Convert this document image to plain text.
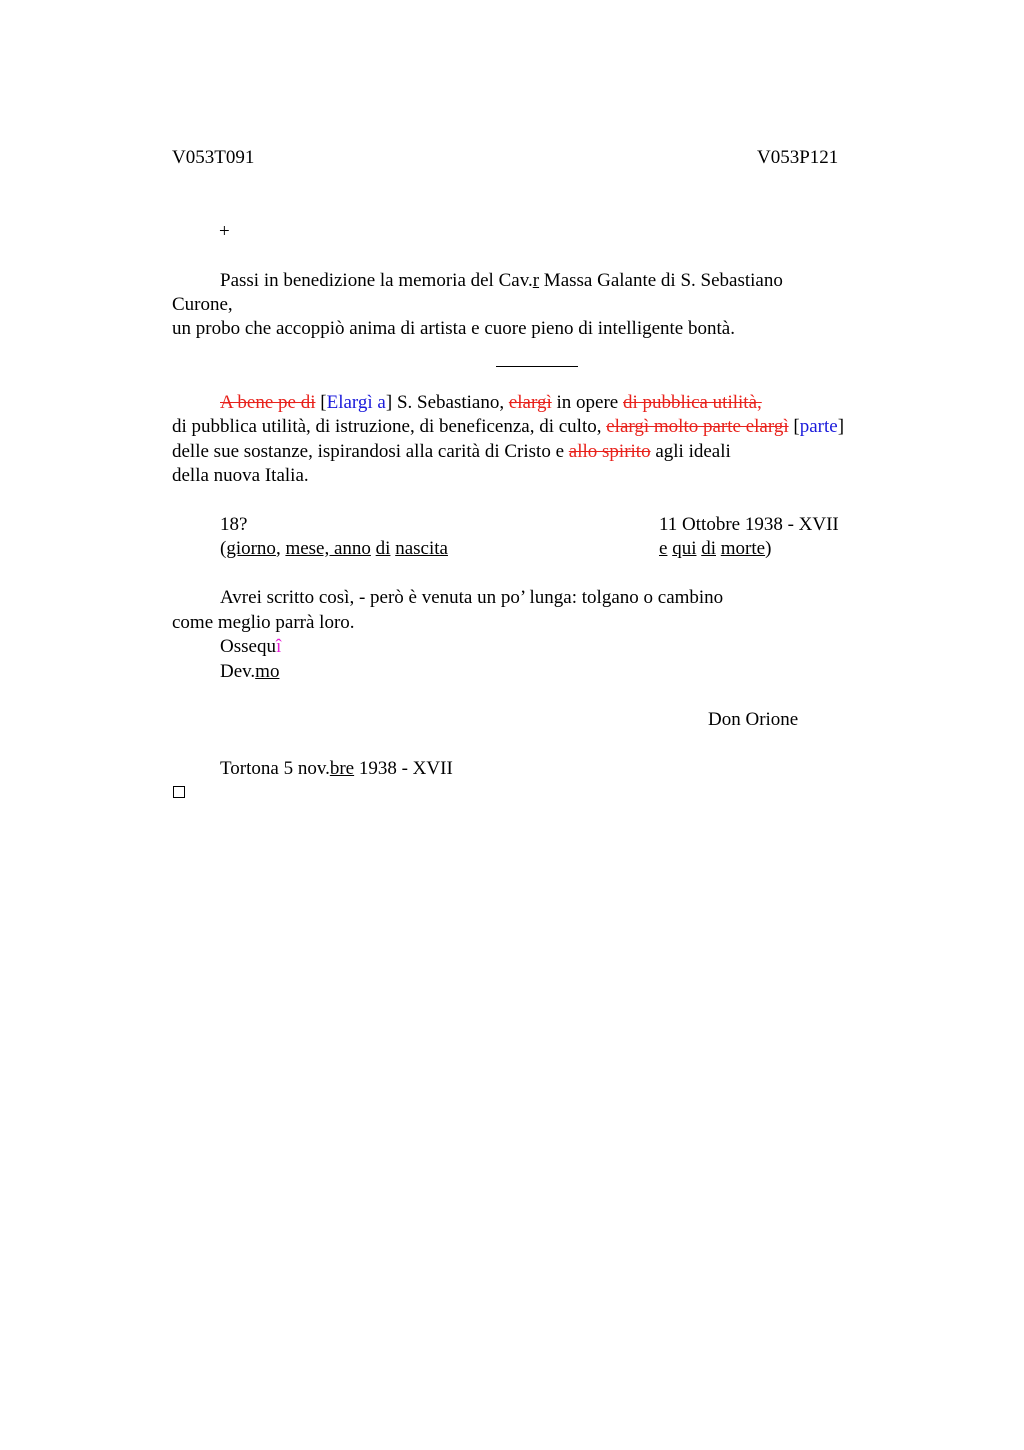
V053T091	V053P121
+
Passi in benedizione la memoria del Cav.r Massa Galante di S. Sebastiano
Curone,
un probo che accoppiò anima di artista e cuore pieno di intelligente bontà.
A bene pe di [Elargì a] S. Sebastiano, elargì in opere di pubblica utilità,
di pubblica utilità, di istruzione, di beneficenza, di culto, elargì molto parte elargì [parte]
delle sue sostanze, ispirandosi alla carità di Cristo e allo spirito agli ideali
della nuova Italia.
18?	11 Ottobre 1938 - XVII
(giorno, mese, anno di nascita	e qui di morte)
Avrei scritto così, - però è venuta un po’ lunga: tolgano o cambino
come meglio parrà loro.
Ossequî
Dev.mo
Don Orione
Tortona 5 nov.bre 1938 - XVII
